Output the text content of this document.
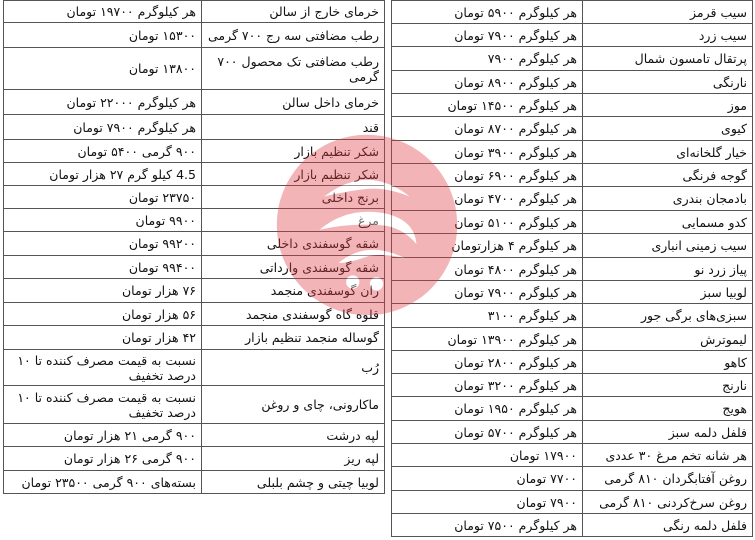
خرمای خارج از سالن	هر کیلوگرم ۱۹۷۰۰ تومان
رطب مضافتی سه رج ۷۰۰ گرمی	۱۵۳۰۰ تومان
رطب مضافتی تک محصول ۷۰۰ گرمی	۱۳۸۰۰ تومان
خرمای داخل سالن	هر کیلوگرم ۲۲۰۰۰ تومان
قند	هر کیلوگرم ۷۹۰۰ تومان
شکر تنظیم بازار	۹۰۰ گرمی ۵۴۰۰ تومان
شکر تنظیم بازار	4.5 کیلو گرم ۲۷ هزار تومان
برنج داخلی	۲۳۷۵۰ تومان
مرغ	۹۹۰۰ تومان
شقه گوسفندی داخلی	۹۹۲۰۰ تومان
شقه گوسفندی وارداتی	۹۹۴۰۰ تومان
ران گوسفندی منجمد	۷۶ هزار تومان
قلوه گاه گوسفندی منجمد	۵۶ هزار تومان
گوساله منجمد تنظیم بازار	۴۲ هزار تومان
رُب	نسبت به قیمت مصرف کننده تا ۱۰ درصد تخفیف
ماکارونی، چای و روغن	نسبت به قیمت مصرف کننده تا ۱۰ درصد تخفیف
لپه درشت	۹۰۰ گرمی ۲۱ هزار تومان
لپه ریز	۹۰۰ گرمی ۲۶ هزار تومان
لوبیا چیتی و چشم بلبلی	بسته‌های ۹۰۰ گرمی ۲۳۵۰۰ تومان
سیب قرمز	هر کیلوگرم ۵۹۰۰ تومان
سیب زرد	هر کیلوگرم ۷۹۰۰ تومان
پرتقال تامسون شمال	هر کیلوگرم ۷۹۰۰
نارنگی	هر کیلوگرم ۸۹۰۰ تومان
موز	هر کیلوگرم ۱۴۵۰۰ تومان
کیوی	هر کیلوگرم ۸۷۰۰ تومان
خیار گلخانه‌ای	هر کیلوگرم ۳۹۰۰ تومان
گوجه فرنگی	هر کیلوگرم ۶۹۰۰ تومان
بادمجان بندری	هر کیلوگرم ۴۷۰۰ تومان
کدو مسمایی	هر کیلوگرم ۵۱۰۰ تومان
سیب زمینی انباری	هر کیلوگرم ۴ هزارتومان
پیاز زرد نو	هر کیلوگرم ۴۸۰۰ تومان
لوبیا سبز	هر کیلوگرم ۷۹۰۰ تومان
سبزی‌های برگی جور	هر کیلوگرم ۳۱۰۰
لیموترش	هر کیلوگرم ۱۳۹۰۰ تومان
کاهو	هر کیلوگرم ۲۸۰۰ تومان
نارنج	هر کیلوگرم ۳۲۰۰ تومان
هویج	هر کیلوگرم ۱۹۵۰ تومان
فلفل دلمه سبز	هر کیلوگرم ۵۷۰۰ تومان
هر شانه تخم مرغ ۳۰ عددی	۱۷۹۰۰ تومان
روغن آفتابگردان ۸۱۰ گرمی	۷۷۰۰ تومان
روغن سرخ‌کردنی ۸۱۰ گرمی	۷۹۰۰ تومان
فلفل دلمه رنگی	هر کیلوگرم ۷۵۰۰ تومان
